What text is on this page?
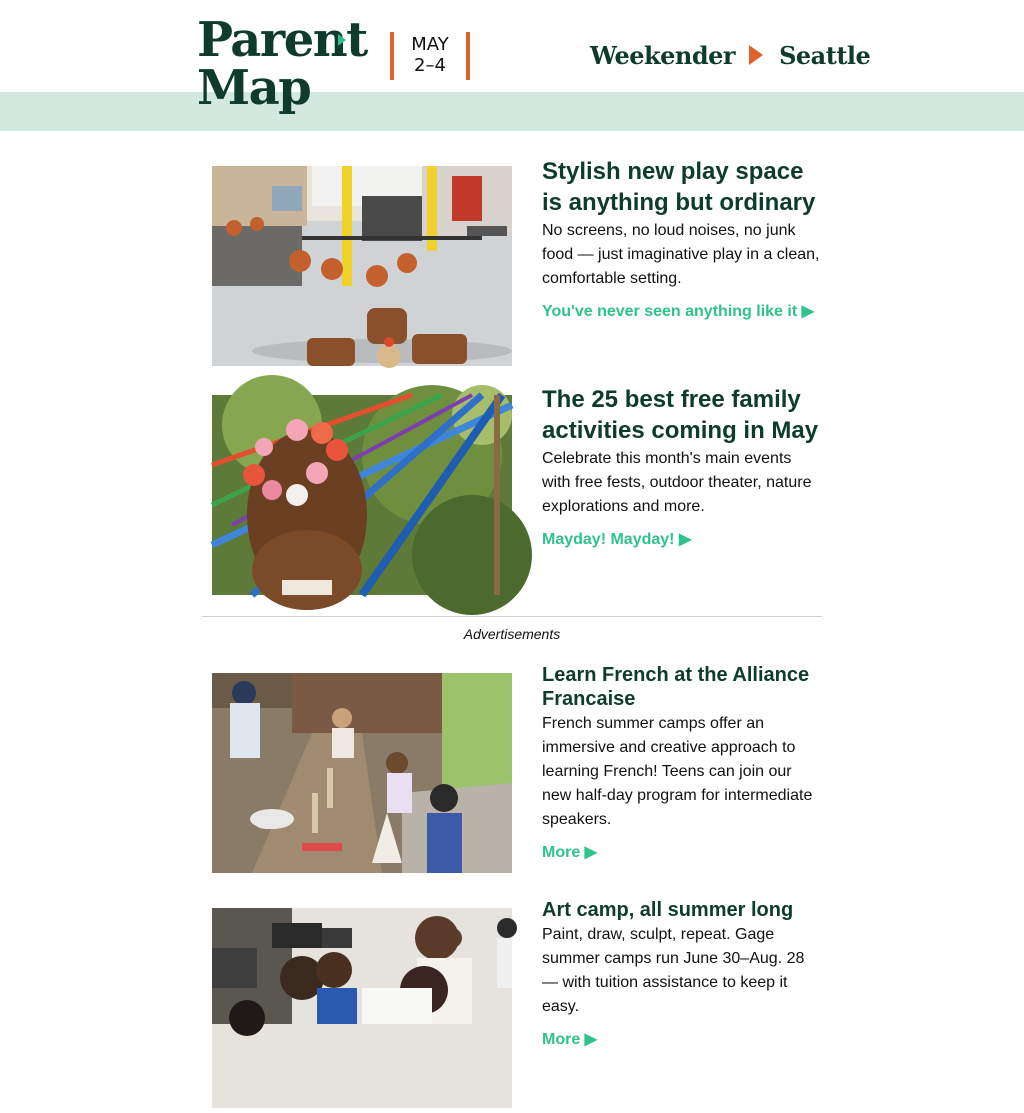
Parent
Map
MAY
2–4	Weekender Seattle
Stylish new play space is anything but ordinary

No screens, no loud noises, no junk food — just imaginative play in a clean, comfortable setting.

You've never seen anything like it ▶
The 25 best free family activities coming in May

Celebrate this month's main events with free fests, outdoor theater, nature explorations and more.

Mayday! Mayday! ▶
Advertisements
Learn French at the Alliance Francaise

French summer camps offer an immersive and creative approach to learning French! Teens can join our new half-day program for intermediate speakers.

More ▶
Art camp, all summer long

Paint, draw, sculpt, repeat. Gage summer camps run June 30–Aug. 28 — with tuition assistance to keep it easy.

More ▶
